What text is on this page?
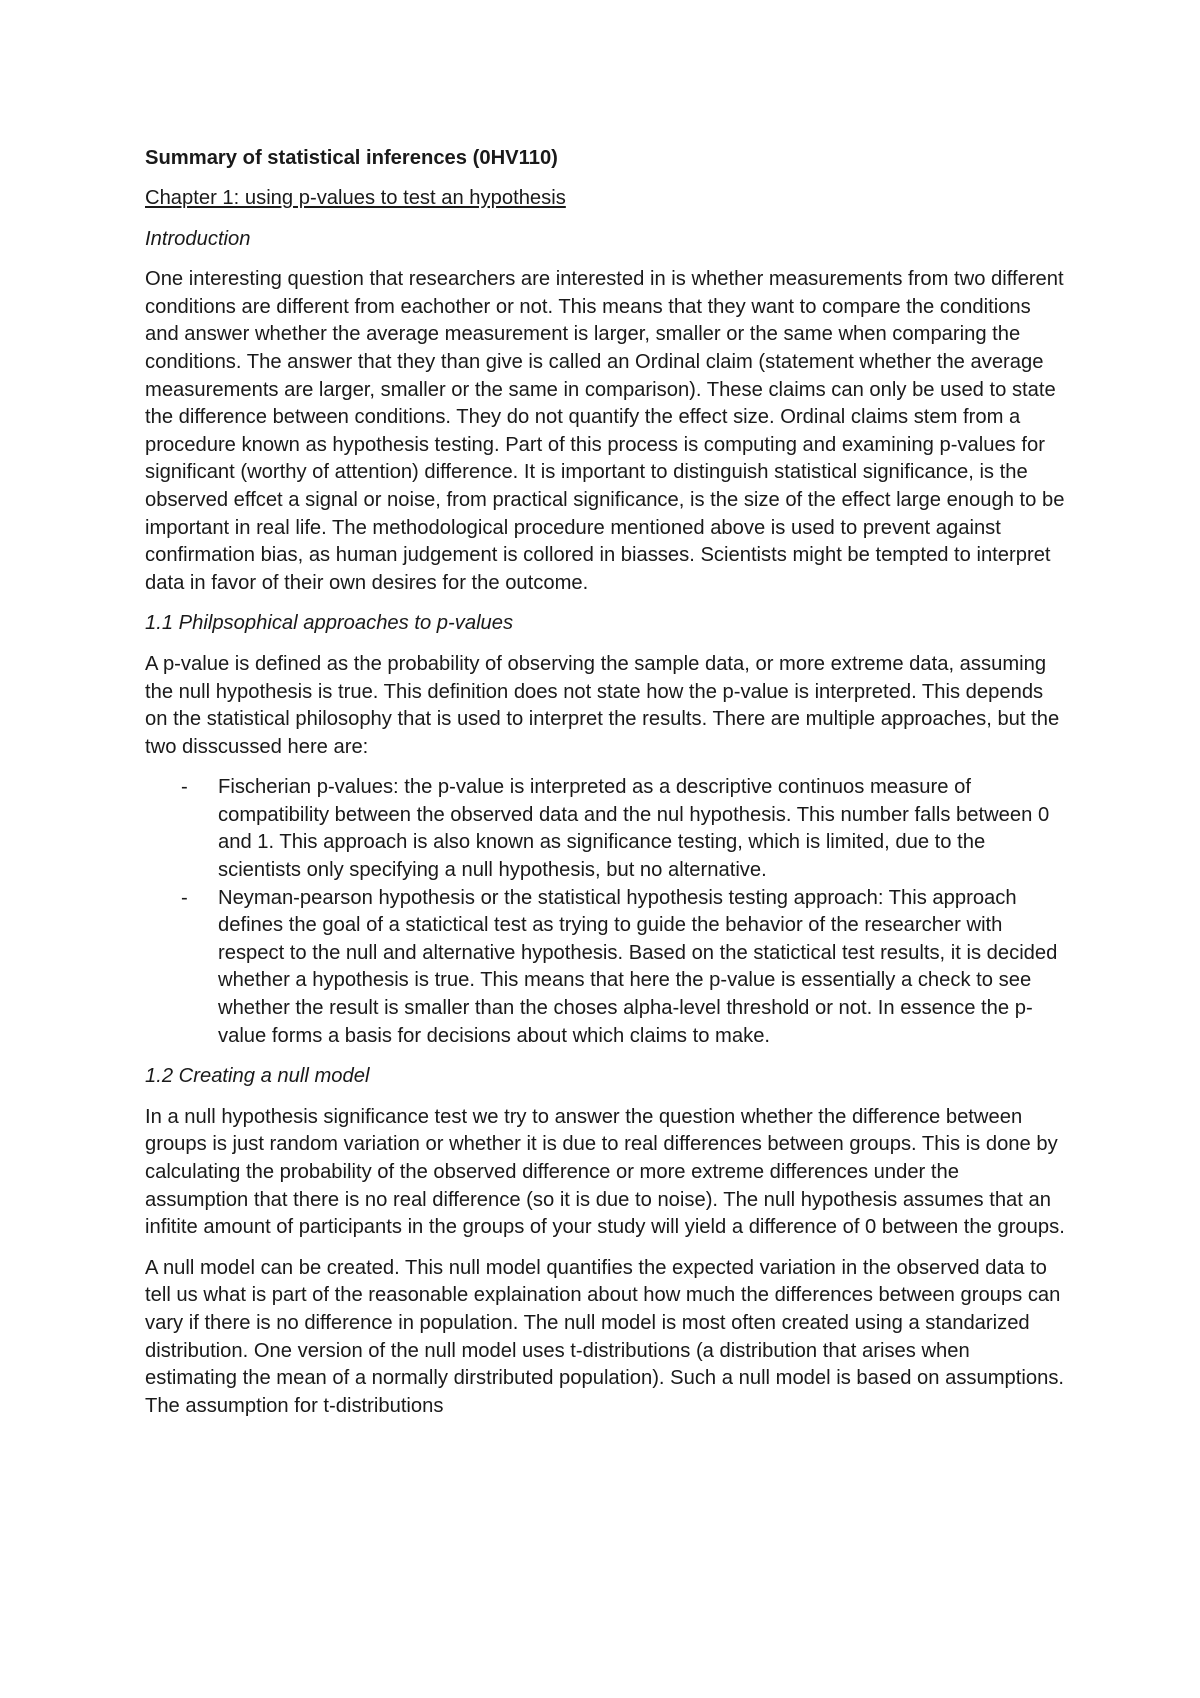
Summary of statistical inferences (0HV110)
Chapter 1: using p-values to test an hypothesis
Introduction

One interesting question that researchers are interested in is whether measurements from two different conditions are different from eachother or not. This means that they want to compare the conditions and answer whether the average measurement is larger, smaller or the same when comparing the conditions. The answer that they than give is called an Ordinal claim (statement whether the average measurements are larger, smaller or the same in comparison). These claims can only be used to state the difference between conditions. They do not quantify the effect size. Ordinal claims stem from a procedure known as hypothesis testing. Part of this process is computing and examining p-values for significant (worthy of attention) difference. It is important to distinguish statistical significance, is the observed effcet a signal or noise, from practical significance, is the size of the effect large enough to be important in real life. The methodological procedure mentioned above is used to prevent against confirmation bias, as human judgement is collored in biasses. Scientists might be tempted to interpret data in favor of their own desires for the outcome.

1.1 Philpsophical approaches to p-values

A p-value is defined as the probability of observing the sample data, or more extreme data, assuming the null hypothesis is true. This definition does not state how the p-value is interpreted. This depends on the statistical philosophy that is used to interpret the results. There are multiple approaches, but the two disscussed here are:

- Fischerian p-values: the p-value is interpreted as a descriptive continuos measure of compatibility between the observed data and the nul hypothesis. This number falls between 0 and 1. This approach is also known as significance testing, which is limited, due to the scientists only specifying a null hypothesis, but no alternative.
- Neyman-pearson hypothesis or the statistical hypothesis testing approach: This approach defines the goal of a statictical test as trying to guide the behavior of the researcher with respect to the null and alternative hypothesis. Based on the statictical test results, it is decided whether a hypothesis is true. This means that here the p-value is essentially a check to see whether the result is smaller than the choses alpha-level threshold or not. In essence the p-value forms a basis for decisions about which claims to make.
1.2 Creating a null model

In a null hypothesis significance test we try to answer the question whether the difference between groups is just random variation or whether it is due to real differences between groups. This is done by calculating the probability of the observed difference or more extreme differences under the assumption that there is no real difference (so it is due to noise). The null hypothesis assumes that an infitite amount of participants in the groups of your study will yield a difference of 0 between the groups.

A null model can be created. This null model quantifies the expected variation in the observed data to tell us what is part of the reasonable explaination about how much the differences between groups can vary if there is no difference in population. The null model is most often created using a standarized distribution. One version of the null model uses t-distributions (a distribution that arises when estimating the mean of a normally dirstributed population). Such a null model is based on assumptions. The assumption for t-distributions
